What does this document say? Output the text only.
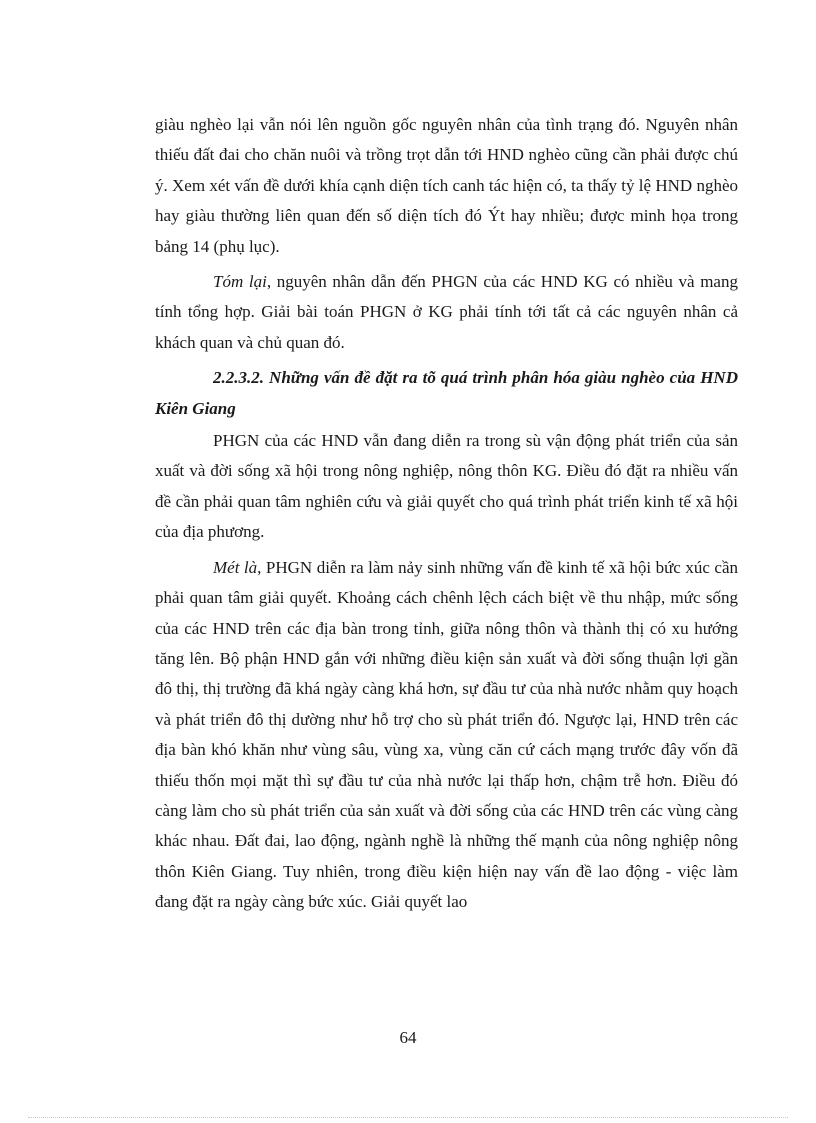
giàu nghèo lại vẫn nói lên nguồn gốc nguyên nhân của tình trạng đó. Nguyên nhân thiếu đất đai cho chăn nuôi và trồng trọt dẫn tới HND nghèo cũng cần phải được chú ý. Xem xét vấn đề dưới khía cạnh diện tích canh tác hiện có, ta thấy tỷ lệ HND nghèo hay giàu thường liên quan đến số diện tích đó Ýt hay nhiều; được minh họa trong bảng 14 (phụ lục).

Tóm lại, nguyên nhân dẫn đến PHGN của các HND KG có nhiều và mang tính tổng hợp. Giải bài toán PHGN ở KG phải tính tới tất cả các nguyên nhân cả khách quan và chủ quan đó.

2.2.3.2. Những vấn đề đặt ra tõ quá trình phân hóa giàu nghèo của HND Kiên Giang

PHGN của các HND vẫn đang diễn ra trong sù vận động phát triển của sản xuất và đời sống xã hội trong nông nghiệp, nông thôn KG. Điều đó đặt ra nhiều vấn đề cần phải quan tâm nghiên cứu và giải quyết cho quá trình phát triển kinh tế xã hội của địa phương.

Mét là, PHGN diễn ra làm nảy sinh những vấn đề kinh tế xã hội bức xúc cần phải quan tâm giải quyết. Khoảng cách chênh lệch cách biệt về thu nhập, mức sống của các HND trên các địa bàn trong tỉnh, giữa nông thôn và thành thị có xu hướng tăng lên. Bộ phận HND gắn với những điều kiện sản xuất và đời sống thuận lợi gần đô thị, thị trường đã khá ngày càng khá hơn, sự đầu tư của nhà nước nhằm quy hoạch và phát triển đô thị dường như hỗ trợ cho sù phát triển đó. Ngược lại, HND trên các địa bàn khó khăn như vùng sâu, vùng xa, vùng căn cứ cách mạng trước đây vốn đã thiếu thốn mọi mặt thì sự đầu tư của nhà nước lại thấp hơn, chậm trễ hơn. Điều đó càng làm cho sù phát triển của sản xuất và đời sống của các HND trên các vùng càng khác nhau. Đất đai, lao động, ngành nghề là những thế mạnh của nông nghiệp nông thôn Kiên Giang. Tuy nhiên, trong điều kiện hiện nay vấn đề lao động - việc làm đang đặt ra ngày càng bức xúc. Giải quyết lao

64
